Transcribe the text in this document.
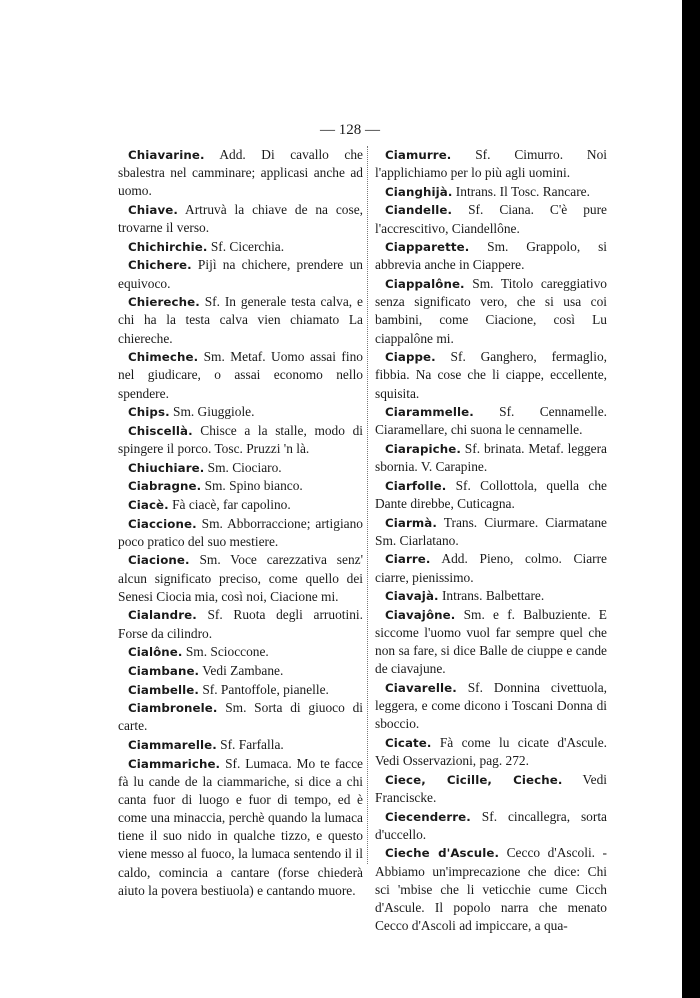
— 128 —

Chiavarine. Add. Di cavallo che sbalestra nel camminare; applicasi anche ad uomo.

Chiave. Artruvà la chiave de na cose, trovarne il verso.

Chichirchie. Sf. Cicerchia.

Chichere. Pijì na chichere, prendere un equivoco.

Chiereche. Sf. In generale testa calva, e chi ha la testa calva vien chiamato La chiereche.

Chimeche. Sm. Metaf. Uomo assai fino nel giudicare, o assai economo nello spendere.

Chips. Sm. Giuggiole.

Chiscellà. Chisce a la stalle, modo di spingere il porco. Tosc. Pruzzi 'n là.

Chiuchiare. Sm. Ciociaro.

Ciabragne. Sm. Spino bianco.

Ciacè. Fà ciacè, far capolino.

Ciaccione. Sm. Abborraccione; artigiano poco pratico del suo mestiere.

Ciacione. Sm. Voce carezzativa senz' alcun significato preciso, come quello dei Senesi Ciocia mia, così noi, Ciacione mi.

Cialandre. Sf. Ruota degli arruotini. Forse da cilindro.

Cialône. Sm. Scioccone.

Ciambane. Vedi Zambane.

Ciambelle. Sf. Pantoffole, pianelle.

Ciambronele. Sm. Sorta di giuoco di carte.

Ciammarelle. Sf. Farfalla.

Ciammariche. Sf. Lumaca. Mo te facce fà lu cande de la ciammariche, si dice a chi canta fuor di luogo e fuor di tempo, ed è come una minaccia, perchè quando la lumaca tiene il suo nido in qualche tizzo, e questo viene messo al fuoco, la lumaca sentendo il il caldo, comincia a cantare (forse chiederà aiuto la povera bestiuola) e cantando muore.

Ciamurre. Sf. Cimurro. Noi l'applichiamo per lo più agli uomini.

Cianghijà. Intrans. Il Tosc. Rancare.

Ciandelle. Sf. Ciana. C'è pure l'accrescitivo, Ciandellône.

Ciapparette. Sm. Grappolo, si abbrevia anche in Ciappere.

Ciappalône. Sm. Titolo careggiativo senza significato vero, che si usa coi bambini, come Ciacione, così Lu ciappalône mi.

Ciappe. Sf. Ganghero, fermaglio, fibbia. Na cose che li ciappe, eccellente, squisita.

Ciarammelle. Sf. Cennamelle. Ciaramellare, chi suona le cennamelle.

Ciarapiche. Sf. brinata. Metaf. leggera sbornia. V. Carapine.

Ciarfolle. Sf. Collottola, quella che Dante direbbe, Cuticagna.

Ciarmà. Trans. Ciurmare. Ciarmatane Sm. Ciarlatano.

Ciarre. Add. Pieno, colmo. Ciarre ciarre, pienissimo.

Ciavajà. Intrans. Balbettare.

Ciavajône. Sm. e f. Balbuziente. E siccome l'uomo vuol far sempre quel che non sa fare, si dice Balle de ciuppe e cande de ciavajune.

Ciavarelle. Sf. Donnina civettuola, leggera, e come dicono i Toscani Donna di sboccio.

Cicate. Fà come lu cicate d'Ascule. Vedi Osservazioni, pag. 272.

Ciece, Cicille, Cieche. Vedi Franciscke.

Ciecenderre. Sf. cincallegra, sorta d'uccello.

Cieche d'Ascule. Cecco d'Ascoli. - Abbiamo un'imprecazione che dice: Chi sci 'mbise che li veticchie cume Cicch d'Ascule. Il popolo narra che menato Cecco d'Ascoli ad impiccare, a qua-
